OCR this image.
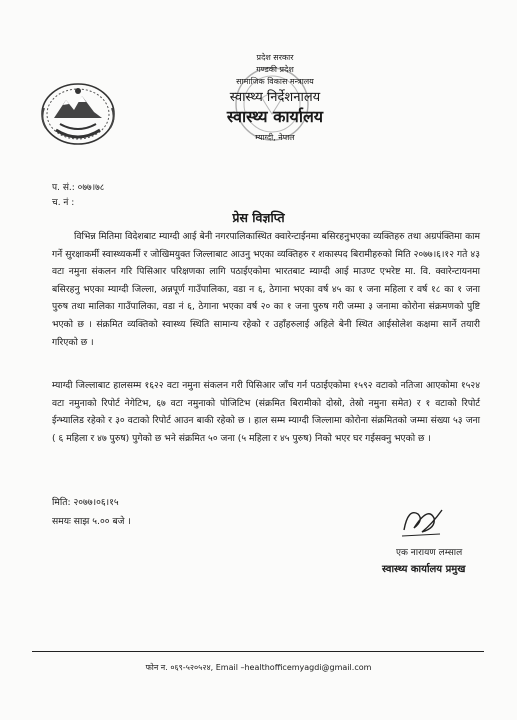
प्रदेश सरकार
गण्डकी प्रदेश
सामाजिक विकास मन्त्रालय
स्वास्थ्य निर्देशनालय
स्वास्थ्य कार्यालय
म्याग्दी, नेपाल
प. सं.: ०७७।७८
च. नं :
प्रेस विज्ञप्ति
विभिन्न मितिमा विदेशबाट म्याग्दी आई बेनी नगरपालिकास्थित क्वारेन्टाईनमा बसिरहनुभएका व्यक्तिहरु तथा अग्रपंक्तिमा काम गर्ने सुरक्षाकर्मी स्वास्थ्यकर्मी र जोखिमयुक्त जिल्लाबाट आउनु भएका व्यक्तिहरु र शकास्पद बिरामीहरुको मिति २०७७।६।१२ गते ४३ वटा नमुना संकलन गरि पिसिआर परिक्षणका लागि पठाईएकोमा भारतबाट म्याग्दी आई माउण्ट एभरेष्ट मा. वि. क्वारेन्टायनमा बसिरहनु भएका म्याग्दी जिल्ला, अन्नपूर्ण गाउँपालिका, वडा न ६, ठेगाना भएका वर्ष ४५ का १ जना महिला र वर्ष १८ का १ जना पुरुष तथा मालिका गाउँपालिका, वडा नं ६, ठेगाना भएका वर्ष २० का १ जना पुरुष गरी जम्मा ३ जनामा कोरोना संक्रमणको पुष्टि भएको छ । संक्रमित व्यक्तिको स्वास्थ्य स्थिति सामान्य रहेको र उहाँहरुलाई अहिले बेनी स्थित आईसोलेश कक्षमा सार्ने तयारी गरिएको छ ।
म्याग्दी जिल्लाबाट हालसम्म १६२२ वटा नमुना संकलन गरी पिसिआर जाँच गर्न पठाईएकोमा १५९२ वटाको नतिजा आएकोमा १५२४ वटा नमुनाको रिपोर्ट नेगेटिभ, ६७ वटा नमुनाको पोजिटिभ (संक्रमित बिरामीको दोस्रो, तेस्रो नमुना समेत) र १ वटाको रिपोर्ट ईन्भ्यालिड रहेको र ३० वटाको रिपोर्ट आउन बाकी रहेको छ । हाल सम्म म्याग्दी जिल्लामा कोरोना संक्रमितको जम्मा संख्या ५३ जना ( ६ महिला र ४७ पुरुष) पुगेको छ भने संक्रमित ५० जना (५ महिला र ४५ पुरुष) निको भएर घर गईसक्नु भएको छ ।
मिति: २०७७।०६।१५
समयः साझ ५.०० बजे ।
एक नारायण लम्साल
स्वास्थ्य कार्यालय प्रमुख
फोन न. ०६९-५२०५२४, Email –healthofficemyagdi@gmail.com
